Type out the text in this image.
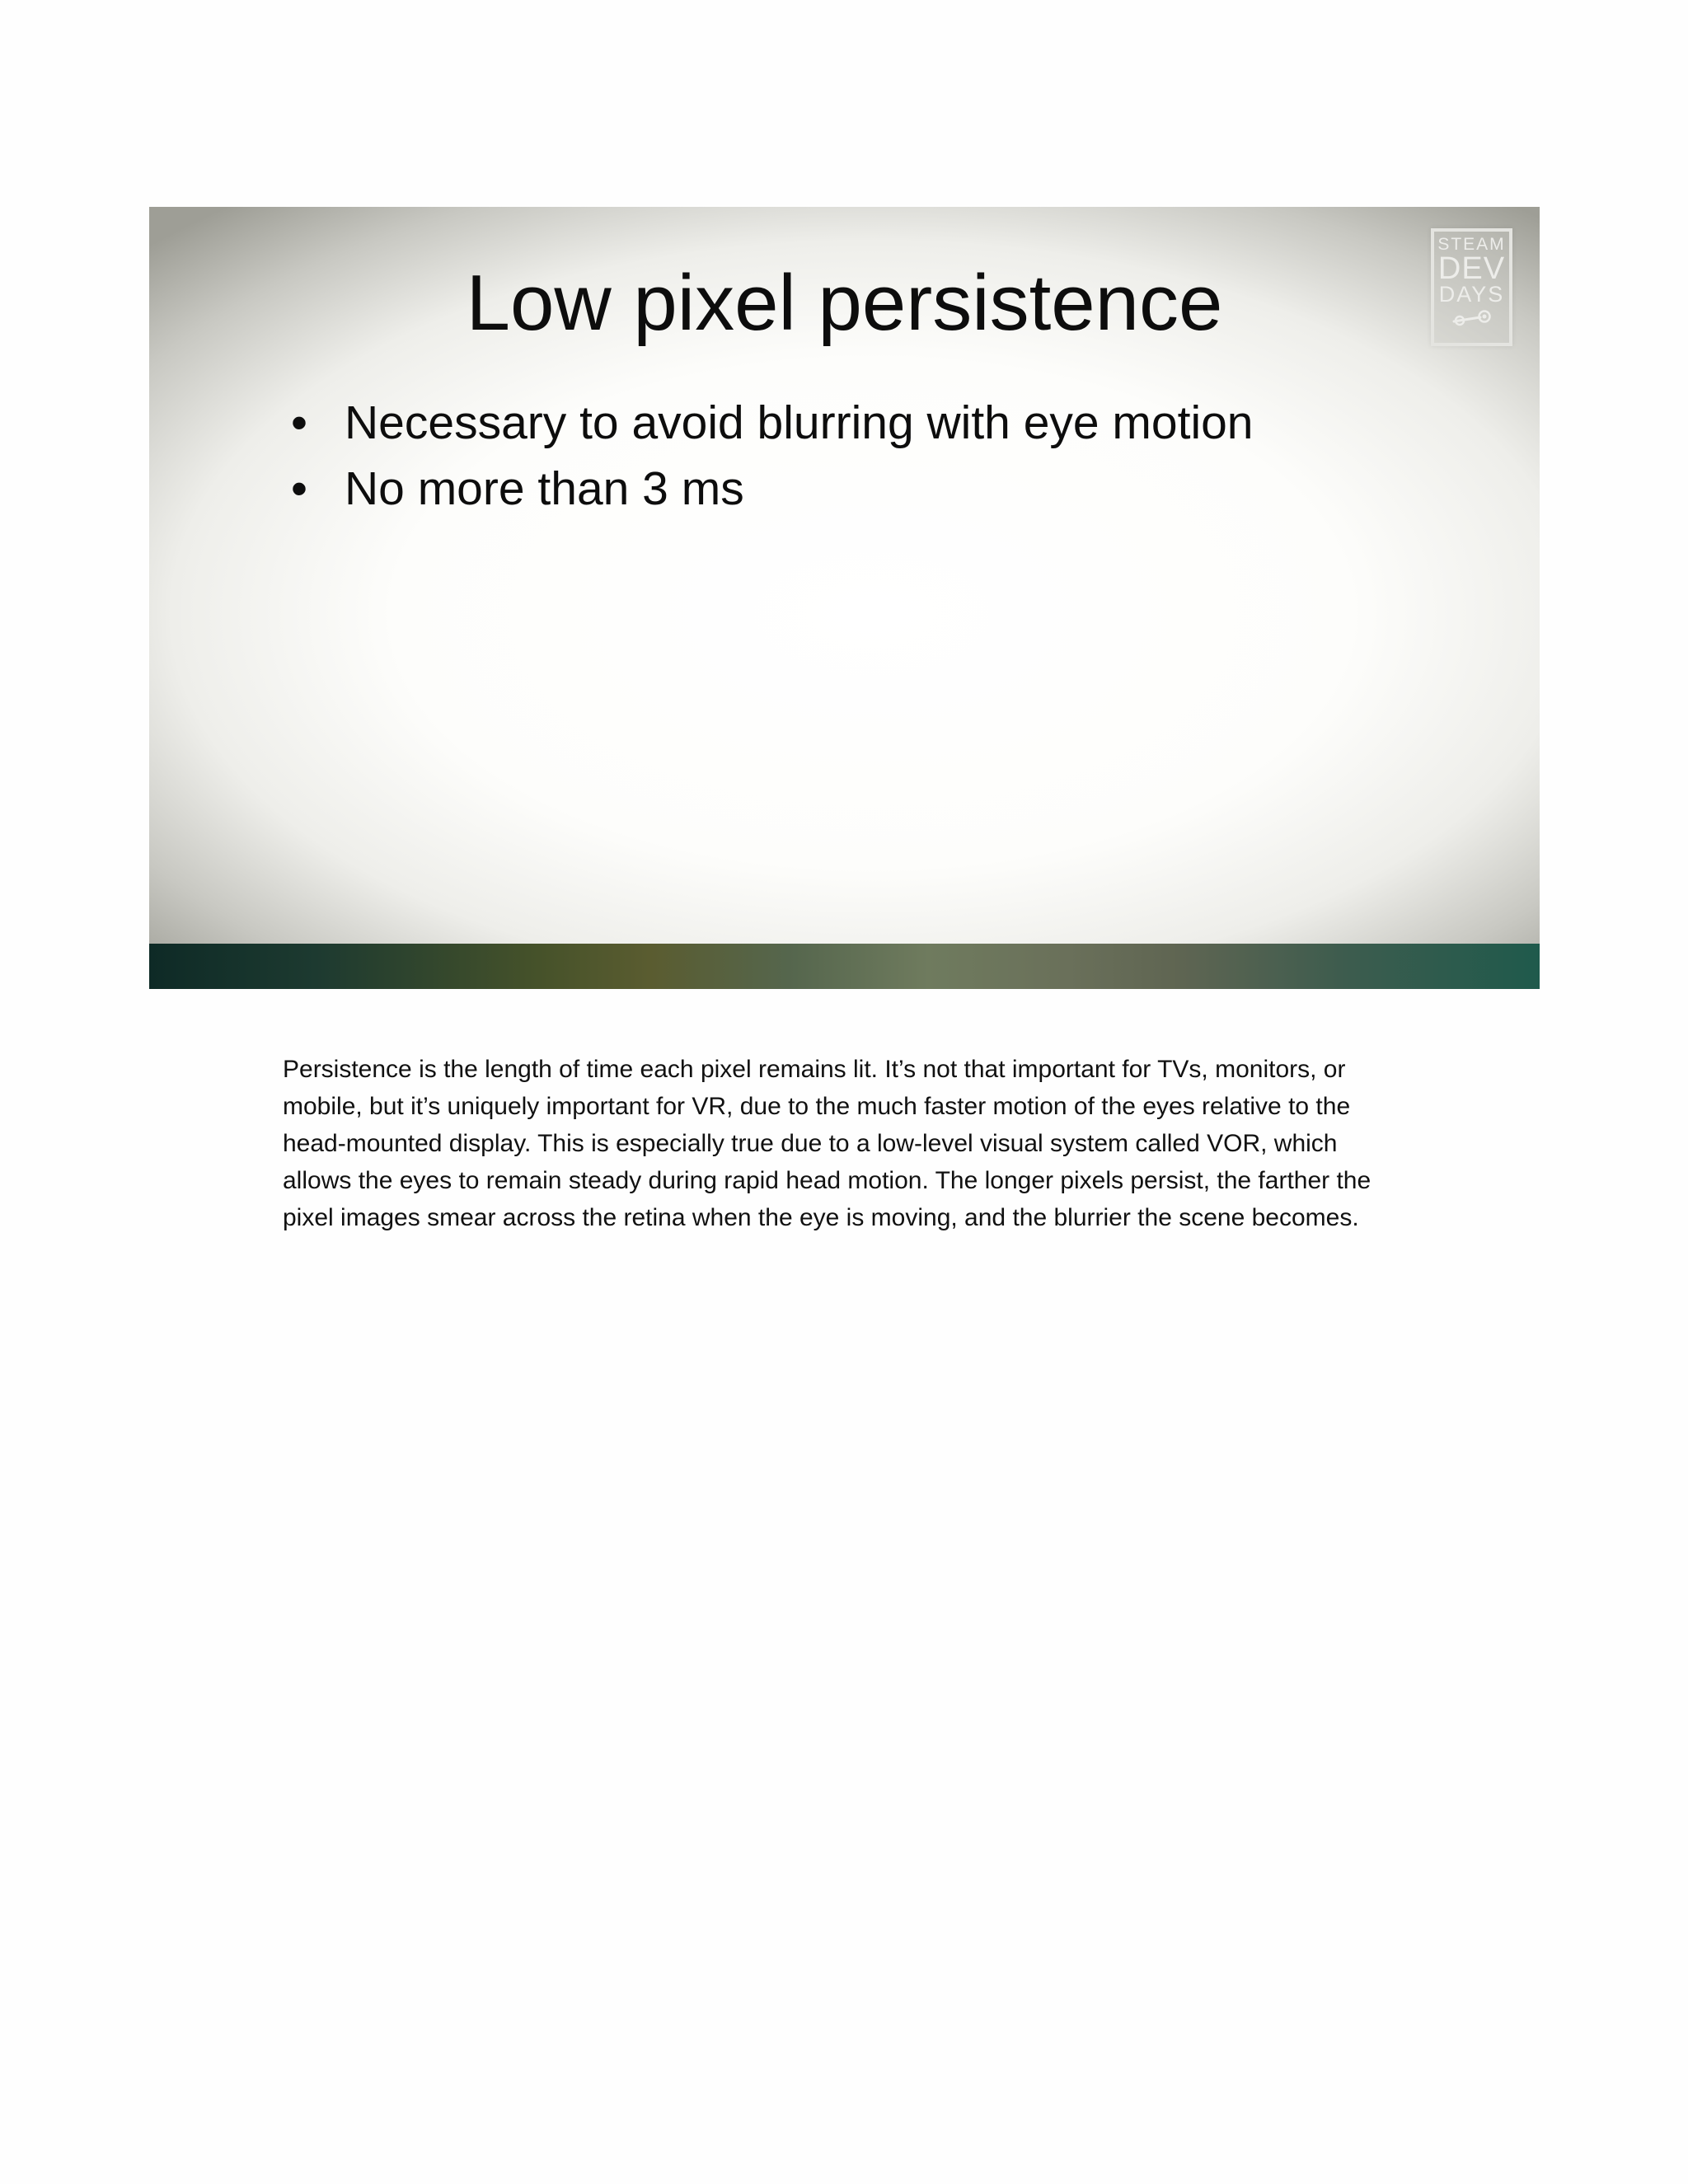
Low pixel persistence
• Necessary to avoid blurring with eye motion
• No more than 3 ms
STEAM
DEV
DAYS

Persistence is the length of time each pixel remains lit. It’s not that important for TVs, monitors, or mobile, but it’s uniquely important for VR, due to the much faster motion of the eyes relative to the head-mounted display. This is especially true due to a low-level visual system called VOR, which allows the eyes to remain steady during rapid head motion. The longer pixels persist, the farther the pixel images smear across the retina when the eye is moving, and the blurrier the scene becomes.
